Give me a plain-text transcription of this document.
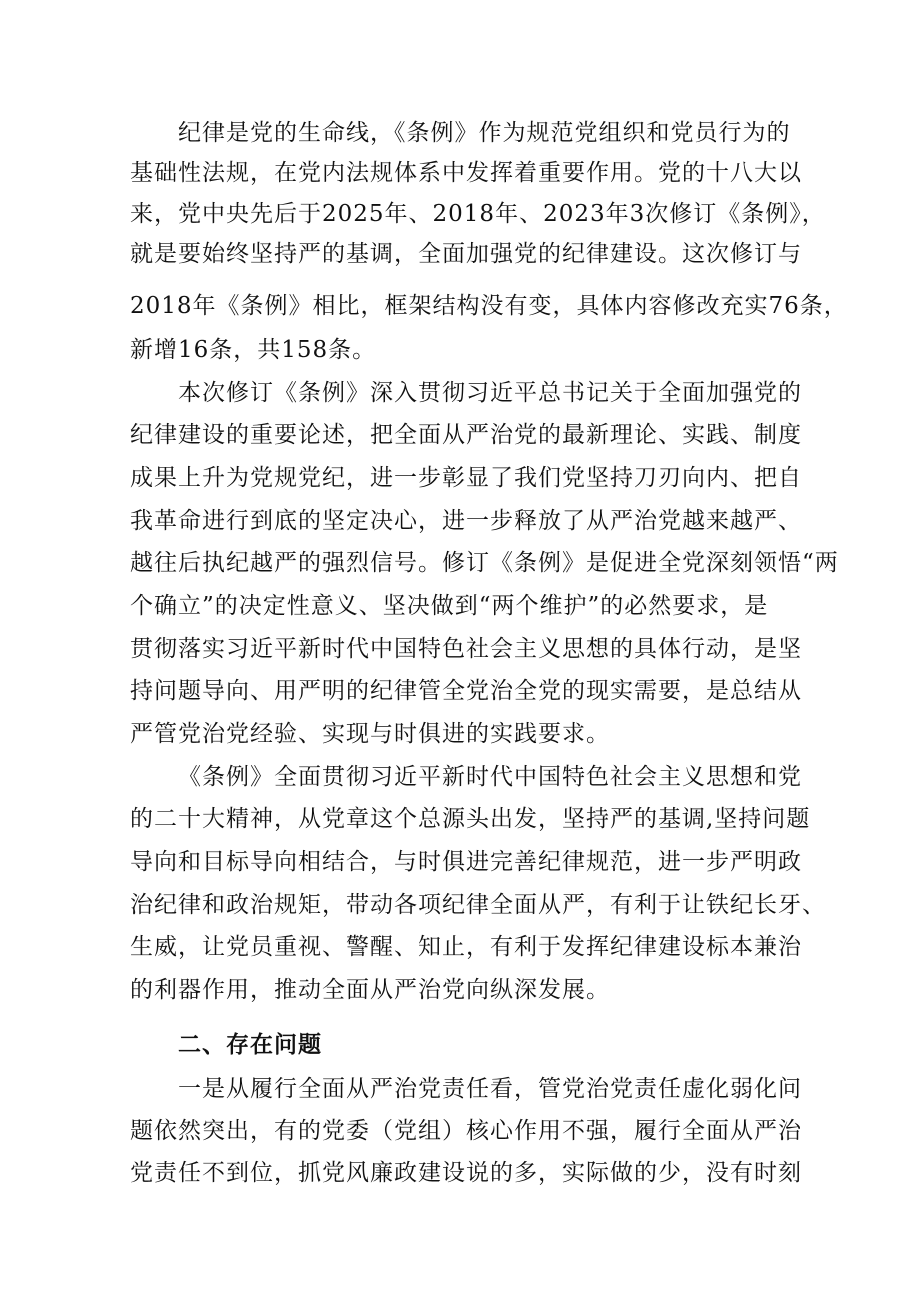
纪律是党的生命线，《条例》作为规范党组织和党员行为的

基础性法规，在党内法规体系中发挥着重要作用。党的十八大以

来，党中央先后于2025年、2018年、2023年3次修订《条例》，

就是要始终坚持严的基调，全面加强党的纪律建设。这次修订与

2018年《条例》相比，框架结构没有变，具体内容修改充实76条，

新增16条，共158条。

本次修订《条例》深入贯彻习近平总书记关于全面加强党的

纪律建设的重要论述，把全面从严治党的最新理论、实践、制度

成果上升为党规党纪，进一步彰显了我们党坚持刀刃向内、把自

我革命进行到底的坚定决心，进一步释放了从严治党越来越严、

越往后执纪越严的强烈信号。修订《条例》是促进全党深刻领悟“两

个确立”的决定性意义、坚决做到“两个维护”的必然要求，是

贯彻落实习近平新时代中国特色社会主义思想的具体行动，是坚

持问题导向、用严明的纪律管全党治全党的现实需要，是总结从

严管党治党经验、实现与时俱进的实践要求。

《条例》全面贯彻习近平新时代中国特色社会主义思想和党

的二十大精神，从党章这个总源头出发，坚持严的基调,坚持问题

导向和目标导向相结合，与时俱进完善纪律规范，进一步严明政

治纪律和政治规矩，带动各项纪律全面从严，有利于让铁纪长牙、

生威，让党员重视、警醒、知止，有利于发挥纪律建设标本兼治

的利器作用，推动全面从严治党向纵深发展。

二、存在问题

一是从履行全面从严治党责任看，管党治党责任虚化弱化问

题依然突出，有的党委（党组）核心作用不强，履行全面从严治

党责任不到位，抓党风廉政建设说的多，实际做的少，没有时刻
